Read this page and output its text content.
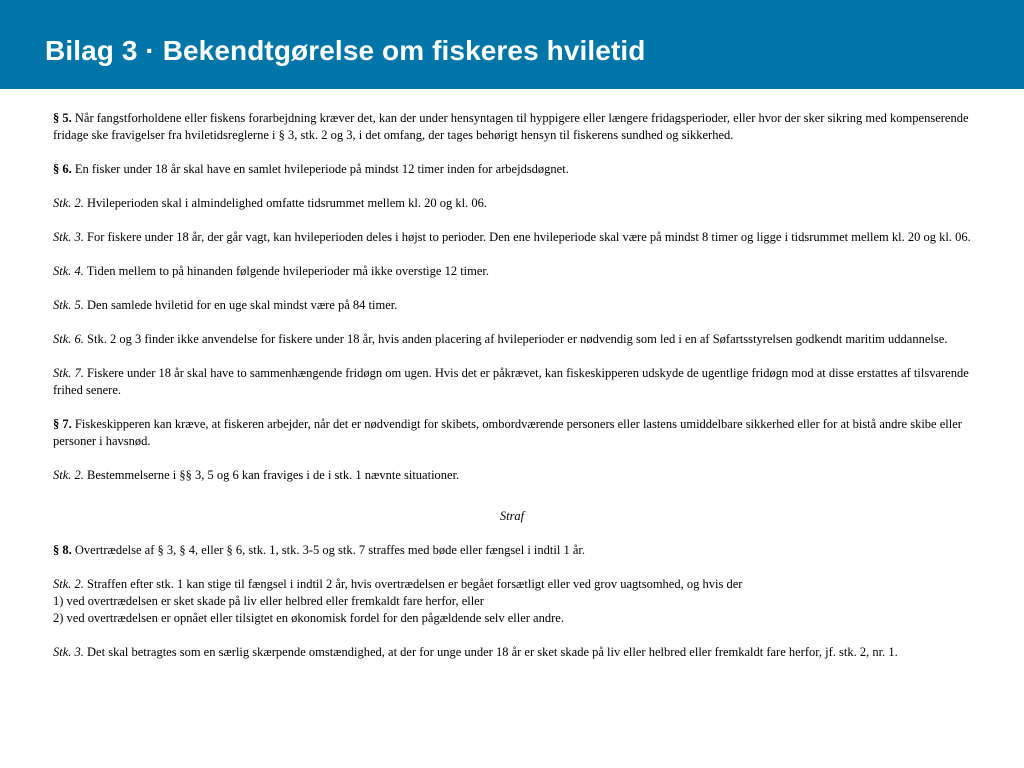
Bilag 3 · Bekendtgørelse om fiskeres hviletid

§ 5. Når fangstforholdene eller fiskens forarbejdning kræver det, kan der under hensyntagen til hyppigere eller længere fridagsperioder, eller hvor der sker sikring med kompenserende fridage ske fravigelser fra hviletidsreglerne i § 3, stk. 2 og 3, i det omfang, der tages behørigt hensyn til fiskerens sundhed og sikkerhed.

§ 6. En fisker under 18 år skal have en samlet hvileperiode på mindst 12 timer inden for arbejdsdøgnet.

Stk. 2. Hvileperioden skal i almindelighed omfatte tidsrummet mellem kl. 20 og kl. 06.

Stk. 3. For fiskere under 18 år, der går vagt, kan hvileperioden deles i højst to perioder. Den ene hvileperiode skal være på mindst 8 timer og ligge i tidsrummet mellem kl. 20 og kl. 06.

Stk. 4. Tiden mellem to på hinanden følgende hvileperioder må ikke overstige 12 timer.

Stk. 5. Den samlede hviletid for en uge skal mindst være på 84 timer.

Stk. 6. Stk. 2 og 3 finder ikke anvendelse for fiskere under 18 år, hvis anden placering af hvileperioder er nødvendig som led i en af Søfartsstyrelsen godkendt maritim uddannelse.

Stk. 7. Fiskere under 18 år skal have to sammenhængende fridøgn om ugen. Hvis det er påkrævet, kan fiskeskipperen udskyde de ugentlige fridøgn mod at disse erstattes af tilsvarende frihed senere.

§ 7. Fiskeskipperen kan kræve, at fiskeren arbejder, når det er nødvendigt for skibets, ombordværende personers eller lastens umiddelbare sikkerhed eller for at bistå andre skibe eller personer i havsnød.

Stk. 2. Bestemmelserne i §§ 3, 5 og 6 kan fraviges i de i stk. 1 nævnte situationer.

Straf

§ 8. Overtrædelse af § 3, § 4, eller § 6, stk. 1, stk. 3-5 og stk. 7 straffes med bøde eller fængsel i indtil 1 år.

Stk. 2. Straffen efter stk. 1 kan stige til fængsel i indtil 2 år, hvis overtrædelsen er begået forsætligt eller ved grov uagtsomhed, og hvis der
1) ved overtrædelsen er sket skade på liv eller helbred eller fremkaldt fare herfor, eller
2) ved overtrædelsen er opnået eller tilsigtet en økonomisk fordel for den pågældende selv eller andre.

Stk. 3. Det skal betragtes som en særlig skærpende omstændighed, at der for unge under 18 år er sket skade på liv eller helbred eller fremkaldt fare herfor, jf. stk. 2, nr. 1.
